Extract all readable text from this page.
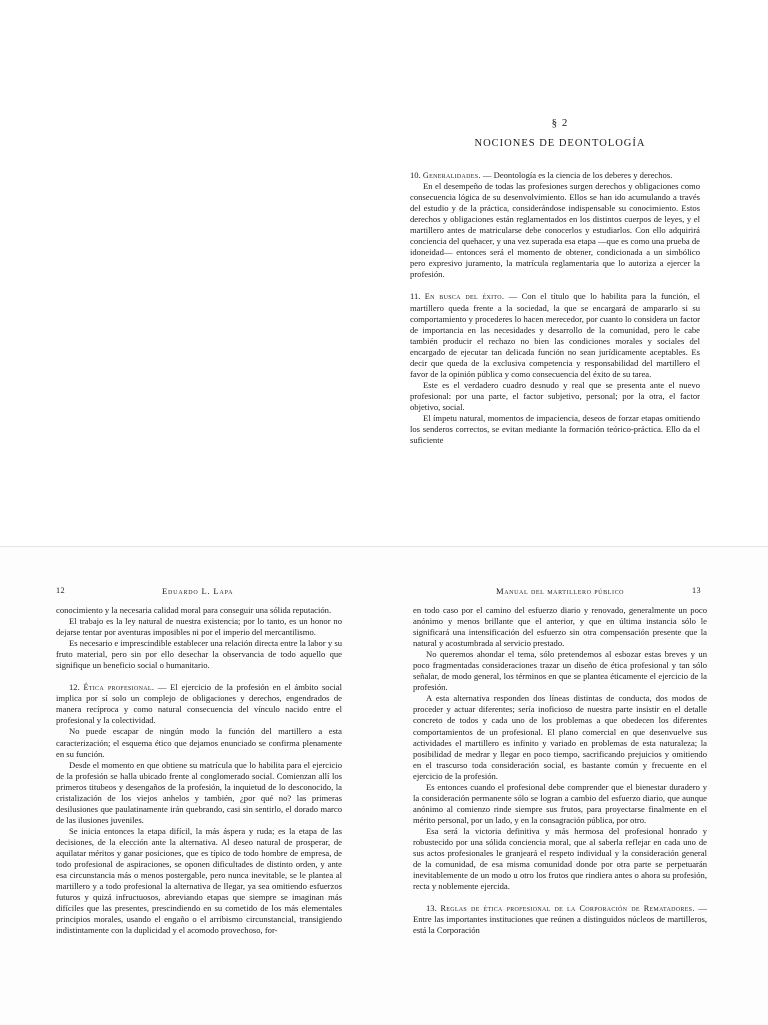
§ 2
NOCIONES DE DEONTOLOGÍA

10. Generalidades. — Deontología es la ciencia de los deberes y derechos.

En el desempeño de todas las profesiones surgen derechos y obligaciones como consecuencia lógica de su desenvolvimiento. Ellos se han ido acumulando a través del estudio y de la práctica, considerándose indispensable su conocimiento. Estos derechos y obligaciones están reglamentados en los distintos cuerpos de leyes, y el martillero antes de matricularse debe conocerlos y estudiarlos. Con ello adquirirá conciencia del quehacer, y una vez superada esa etapa —que es como una prueba de idoneidad— entonces será el momento de obtener, condicionada a un simbólico pero expresivo juramento, la matrícula reglamentaria que lo autoriza a ejercer la profesión.

11. En busca del éxito. — Con el título que lo habilita para la función, el martillero queda frente a la sociedad, la que se encargará de ampararlo si su comportamiento y procederes lo hacen merecedor, por cuanto lo considera un factor de importancia en las necesidades y desarrollo de la comunidad, pero le cabe también producir el rechazo no bien las condiciones morales y sociales del encargado de ejecutar tan delicada función no sean jurídicamente aceptables. Es decir que queda de la exclusiva competencia y responsabilidad del martillero el favor de la opinión pública y como consecuencia del éxito de su tarea.

Este es el verdadero cuadro desnudo y real que se presenta ante el nuevo profesional: por una parte, el factor subjetivo, personal; por la otra, el factor objetivo, social.

El ímpetu natural, momentos de impaciencia, deseos de forzar etapas omitiendo los senderos correctos, se evitan mediante la formación teórico-práctica. Ello da el suficiente

12	Eduardo L. Lapa	Manual del martillero público	13

conocimiento y la necesaria calidad moral para conseguir una sólida reputación.

El trabajo es la ley natural de nuestra existencia; por lo tanto, es un honor no dejarse tentar por aventuras imposibles ni por el imperio del mercantilismo.

Es necesario e imprescindible establecer una relación directa entre la labor y su fruto material, pero sin por ello desechar la observancia de todo aquello que signifique un beneficio social o humanitario.

12. Ética profesional. — El ejercicio de la profesión en el ámbito social implica por sí solo un complejo de obligaciones y derechos, engendrados de manera recíproca y como natural consecuencia del vínculo nacido entre el profesional y la colectividad.

No puede escapar de ningún modo la función del martillero a esta caracterización; el esquema ético que dejamos enunciado se confirma plenamente en su función.

Desde el momento en que obtiene su matrícula que lo habilita para el ejercicio de la profesión se halla ubicado frente al conglomerado social. Comienzan allí los primeros titubeos y desengaños de la profesión, la inquietud de lo desconocido, la cristalización de los viejos anhelos y también, ¿por qué no? las primeras desilusiones que paulatinamente irán quebrando, casi sin sentirlo, el dorado marco de las ilusiones juveniles.

Se inicia entonces la etapa difícil, la más áspera y ruda; es la etapa de las decisiones, de la elección ante la alternativa. Al deseo natural de prosperar, de aquilatar méritos y ganar posiciones, que es típico de todo hombre de empresa, de todo profesional de aspiraciones, se oponen dificultades de distinto orden, y ante esa circunstancia más o menos postergable, pero nunca inevitable, se le plantea al martillero y a todo profesional la alternativa de llegar, ya sea omitiendo esfuerzos futuros y quizá infructuosos, abreviando etapas que siempre se imaginan más difíciles que las presentes, prescindiendo en su cometido de los más elementales principios morales, usando el engaño o el arribismo circunstancial, transigiendo indistintamente con la duplicidad y el acomodo provechoso, for-

en todo caso por el camino del esfuerzo diario y renovado, generalmente un poco anónimo y menos brillante que el anterior, y que en última instancia sólo le significará una intensificación del esfuerzo sin otra compensación presente que la natural y acostumbrada al servicio prestado.

No queremos ahondar el tema, sólo pretendemos al esbozar estas breves y un poco fragmentadas consideraciones trazar un diseño de ética profesional y tan sólo señalar, de modo general, los términos en que se plantea éticamente el ejercicio de la profesión.

A esta alternativa responden dos líneas distintas de conducta, dos modos de proceder y actuar diferentes; sería inoficioso de nuestra parte insistir en el detalle concreto de todos y cada uno de los problemas a que obedecen los diferentes comportamientos de un profesional. El plano comercial en que desenvuelve sus actividades el martillero es infinito y variado en problemas de esta naturaleza; la posibilidad de medrar y llegar en poco tiempo, sacrificando prejuicios y omitiendo en el trascurso toda consideración social, es bastante común y frecuente en el ejercicio de la profesión.

Es entonces cuando el profesional debe comprender que el bienestar duradero y la consideración permanente sólo se logran a cambio del esfuerzo diario, que aunque anónimo al comienzo rinde siempre sus frutos, para proyectarse finalmente en el mérito personal, por un lado, y en la consagración pública, por otro.

Esa será la victoria definitiva y más hermosa del profesional honrado y robustecido por una sólida conciencia moral, que al saberla reflejar en cada uno de sus actos profesionales le granjeará el respeto individual y la consideración general de la comunidad, de esa misma comunidad donde por otra parte se perpetuarán inevitablemente de un modo u otro los frutos que rindiera antes o ahora su profesión, recta y noblemente ejercida.

13. Reglas de ética profesional de la Corporación de Rematadores. — Entre las importantes instituciones que reúnen a distinguidos núcleos de martilleros, está la Corporación
